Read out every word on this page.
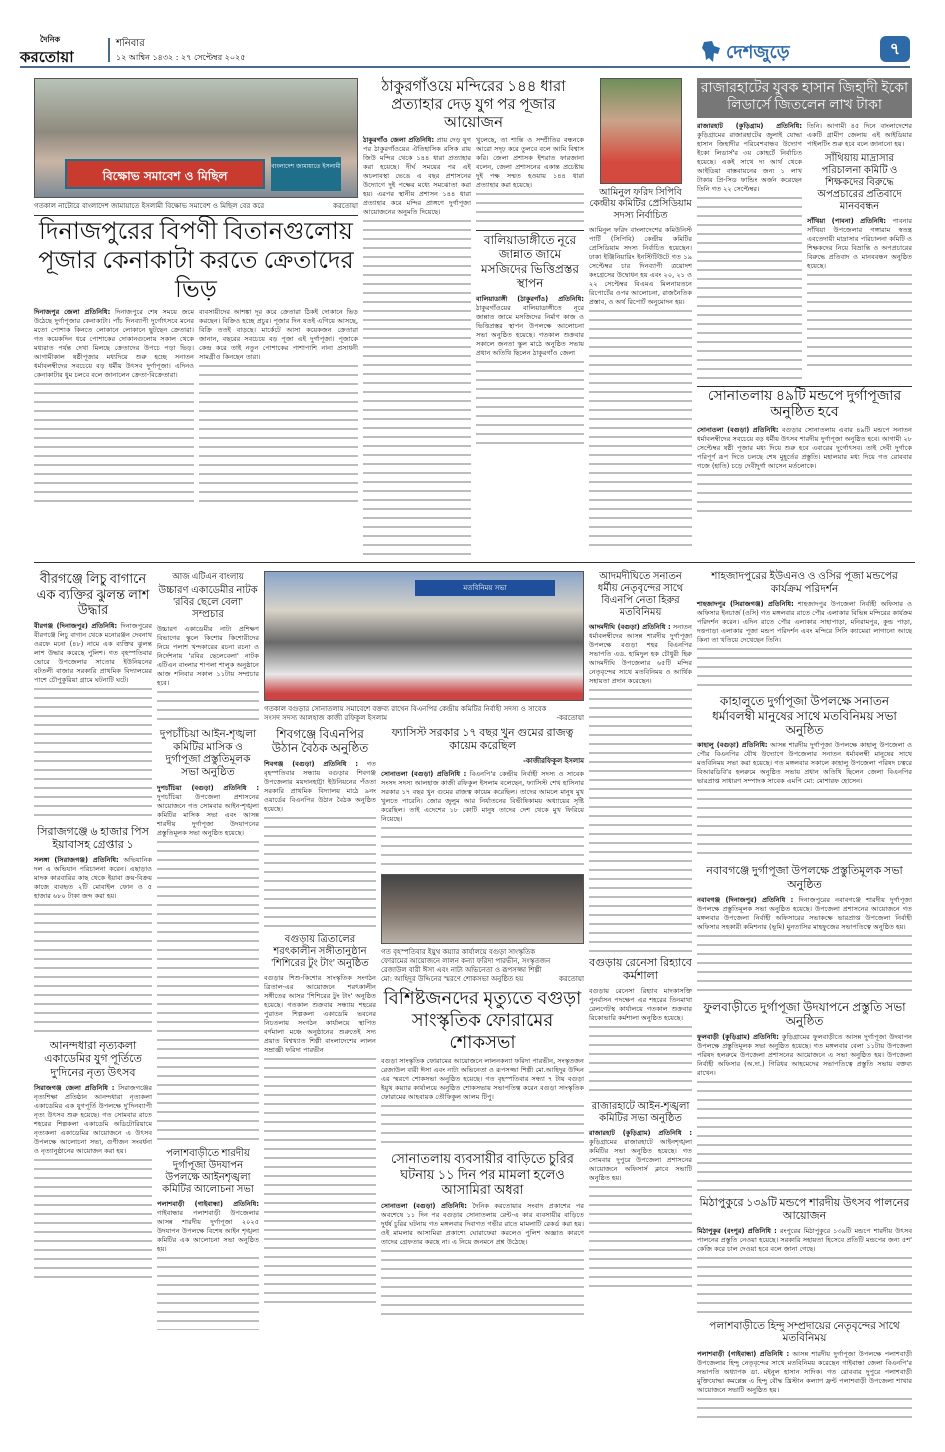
দৈনিক
করতোয়া
শনিবার
১২ আশ্বিন ১৪৩২ : ২৭ সেপ্টেম্বর ২০২৫	দেশজুড়ে	৭
বিক্ষোভ সমাবেশ ও মিছিল
বাংলাদেশ জামায়াতে ইসলামী
গতকাল নাটোরে বাংলাদেশ জামায়াতে ইসলামী বিক্ষোভ সমাবেশ ও মিছিল বের করে	করতোয়া
দিনাজপুরের বিপণী বিতানগুলোয় পূজার কেনাকাটা করতে ক্রেতাদের ভিড়

দিনাজপুর জেলা প্রতিনিধি: দিনাজপুরে শেষ সময়ে জমে উঠেছে দুর্গাপূজার কেনাকাটা। পাঁচ দিনব্যাপী দুর্গোৎসবে মনের মতো পোশাক কিনতে লোকানে লোকানে ছুটছেন ক্রেতারা। গত কয়েকদিন ধরে পোশাকের দোকানগুলোয় সকাল থেকে মধ্যরাত পর্যন্ত দেখা মিলছে ক্রেতাদের উপচে পড়া ভিড়। আগামীকাল ষষ্ঠীপূজার মধ্যদিয়ে শুরু হচ্ছে সনাতন ধর্মাবলম্বীদের সবচেয়ে বড় ধর্মীয় উৎসব দুর্গাপূজা। এদিনও কেনাকাটার ধুম চলবে বলে জানালেন ক্রেতা-বিক্রেতারা।

ব্যবসায়ীদের আশঙ্কা দূর করে ক্রেতারা ঠিকই দোকানে ভিড় করছেন। বিক্রিও হচ্ছে প্রচুর। পূজার দিন যতই এগিয়ে আসছে, বিক্রি ততই বাড়ছে। মার্কেটে আসা কয়েকজন ক্রেতারা জানান, বছরের সবচেয়ে বড় পূজা এই দুর্গাপূজা। পূজাকে কেন্দ্র করে তাই নতুন পোশাকের পাশাপাশি নানা প্রসাধনী সামগ্রীও কিনছেন তারা।

ঠাকুরগাঁওয়ে মন্দিরের ১৪৪ ধারা প্রত্যাহার দেড় যুগ পর পূজার আয়োজন

ঠাকুরগাঁও জেলা প্রতিনিধি: প্রায় দেড় যুগ পর ঠাকুরগাঁওয়ের ঐতিহাসিক রসিক রায় জিউ মন্দির থেকে ১৪৪ ধারা প্রত্যাহার করা হয়েছে। দীর্ঘ সময়ের পর এই অচলাবস্থা ভেঙে এ বছর প্রশাসনের উদ্যোগে দুই পক্ষের মধ্যে সমঝোতা করা হয়। এরপর স্থানীয় প্রশাসন ১৪৪ ধারা প্রত্যাহার করে মন্দির প্রাঙ্গণে দুর্গাপূজা আয়োজনের অনুমতি দিয়েছে।

খুলেছে, তা শান্তি ও সম্প্রীতির বন্ধনকে আরো সদৃঢ় করে তুলবে বলে আমি বিশ্বাস করি। জেলা প্রশাসক ইশরাত ফারজানা বলেন, জেলা প্রশাসনের একান্ত প্রচেষ্টায় দুই পক্ষ সম্মত হওয়ায় ১৪৪ ধারা প্রত্যাহার করা হয়েছে।

বালিয়াডাঙ্গীতে নূরে জান্নাত জামে মসজিদের ভিত্তিপ্রস্তর স্থাপন

বালিয়াডাঙ্গী (ঠাকুরগাঁও) প্রতিনিধি: ঠাকুরগাঁওয়ের বালিয়াডাঙ্গীতে নূরে জান্নাত জামে মসজিদের নির্মাণ কাজ ও ভিত্তিপ্রস্তর স্থাপন উপলক্ষে আলোচনা সভা অনুষ্ঠিত হয়েছে। গতকাল শুক্রবার সকালে জনতা স্কুল মাঠে অনুষ্ঠিত সভায় প্রধান অতিথি ছিলেন ঠাকুরগাঁও জেলা

আমিনুল ফরিদ সিপিবি কেন্দ্রীয় কমিটির প্রেসিডিয়াম সদস্য নির্বাচিত

আমিনুল ফরিদ বাংলাদেশের কমিউনিস্ট পার্টি (সিপিবি) কেন্দ্রীয় কমিটির প্রেসিডিয়াম সদস্য নির্বাচিত হয়েছেন। ঢাকা ইঞ্জিনিয়ারিং ইনস্টিটিউটে গত ১৯ সেপ্টেম্বর চার দিনব্যাপী ত্রয়োদশ কংগ্রেসের উদ্বোধন হয় এবং ২০, ২১ ও ২২ সেপ্টেম্বর বিএমএ মিলনায়তনে রিপোর্টের ওপর আলোচনা, রাজনৈতিক প্রস্তাব, ও অর্থ রিপোর্ট অনুমোদন হয়।

রাজারহাটের যুবক হাসান জিহাদী ইকো লিডার্সে জিতলেন লাখ টাকা

রাজারহাট (কুড়িগ্রাম) প্রতিনিধি: কুড়িগ্রামের রাজারহাটের জুলাই যোদ্ধা হাসান জিহাদীর পরিবেশবান্ধব উদ্যোগ ইকো লিডার্স'র ৩য় কোহর্টে নির্বাচিত হয়েছে। একই সাথে দ্য আর্থ থেকে আইডিয়া বাস্তবায়নের জন্য ১ লাখ টাকার প্রি-সিড ফান্ডিং অর্জন করেছেন তিনি গত ২২ সেপ্টেম্বর।

তিনি। আগামী ৪৫ দিনে বাংলাদেশের একটি গ্রামীণ জেলায় এই আইডিয়ার পাইলটিং শুরু হবে বলে জানানো হয়।

সাঁথিয়ায় মাদ্রাসার পরিচালনা কমিটি ও শিক্ষকদের বিরুদ্ধে অপপ্রচারের প্রতিবাদে মানববন্ধন

সাঁথিয়া (পাবনা) প্রতিনিধি: পাবনার সাঁথিয়া উপজেলার গঙ্গারাম স্বতন্ত্র এবতেদায়ী মাদ্রাসার পরিচালনা কমিটি ও শিক্ষকদের নিয়ে বিভ্রান্তি ও অপপ্রচারের বিরুদ্ধে প্রতিবাদ ও মানববন্ধন অনুষ্ঠিত হয়েছে।

সোনাতলায় ৪৯টি মন্ডপে দুর্গাপূজার অনুষ্ঠিত হবে

সোনাতলা (বগুড়া) প্রতিনিধি: বগুড়ার সোনাতলায় এবার ৪৯টি মন্ডপে সনাতন ধর্মাবলম্বীদের সবচেয়ে বড় ধর্মীয় উৎসব শারদীয় দুর্গাপূজা অনুষ্ঠিত হবে। আগামী ২৮ সেপ্টেম্বর ষষ্ঠী পূজার মধ্য দিয়ে শুরু হবে এবারের দুর্গোৎসব। তাই দেবী দুর্গাকে পরিপূর্ণ রূপ দিতে চলছে শেষ মুহূর্তের প্রস্তুতি। মহালয়ার মধ্য দিয়ে গত রোববার গজে (হাতি) চড়ে দেবীদুর্গা আসেন মর্তলোকে।

বীরগঞ্জে লিচু বাগানে এক ব্যক্তির ঝুলন্ত লাশ উদ্ধার

বীরগঞ্জ (দিনাজপুর) প্রতিনিধি: দিনাজপুরের বীরগঞ্জে লিচু বাগান থেকে মনোরঞ্জন দেবনাথ ওরফে মনো (৪৮) নামে এক ব্যক্তির ঝুলন্ত লাশ উদ্ধার করেছে পুলিশ। গত বৃহস্পতিবার ভোরে উপজেলার সাতোর ইউনিয়নের বটতলী বাজার সরকারি প্রাথমিক বিদ্যালয়ের পাশে চৌপুকুরিয়া গ্রামে ঘটনাটি ঘটে।

সিরাজগঞ্জে ৬ হাজার পিস ইয়াবাসহ গ্রেপ্তার ১

সলঙ্গা (সিরাজগঞ্জ) প্রতিনিধি: অভিযানিক দল এ অভিযান পরিচালনা করেন। এছাড়াও মাদক কারবারির কাছ থেকে ইয়াবা ক্রয়-বিক্রয় কাজে ব্যবহৃত ২টি মোবাইল ফোন ও ৫ হাজার ৬৮০ টাকা জব্দ করা হয়।

আনন্দধারা নৃত্যকলা একাডেমির যুগ পূর্তিতে দু'দিনের নৃত্য উৎসব

সিরাজগঞ্জ জেলা প্রতিনিধি : সিরাজগঞ্জের নৃত্যশিক্ষা প্রতিষ্ঠান আনন্দধারা নৃত্যকলা একাডেমির এক যুগপূর্তি উপলক্ষে দু'দিনব্যাপী নৃত্য উৎসব শুরু হয়েছে। গত সোমবার রাতে শহরের শিল্পকলা একাডেমি অডিটোরিয়ামে নৃত্যকলা একাডেমির আয়োজনে এ উৎসব উপলক্ষে আলোচনা সভা, গুণীজন সংবর্ধনা ও নৃত্যানুষ্ঠানের আয়োজন করা হয়।

আজ এটিএন বাংলায়
উচ্চারণ একাডেমীর নাটক 'রবির ছেলে বেলা' সম্প্রচার

উচ্চারণ একাডেমীর নাট্য প্রশিক্ষণ বিভাগের স্কুলে কিশোর কিশোরীদের নিয়ে পলাশ খন্দকারের রচনা রচনা ও নির্দেশনায় 'রবির ছেলেবেলা' নাটক এটিএন বাংলার শাপলা শালুক অনুষ্ঠানে আজ শনিবার সকাল ১১টায় সম্প্রচার হবে।

দুপচাঁচিয়া আইন-শৃঙ্খলা কমিটির মাসিক ও দুর্গাপূজা প্রস্তুতিমূলক সভা অনুষ্ঠিত

দুপচাঁচিয়া (বগুড়া) প্রতিনিধি : দুপচাঁচিয়া উপজেলা প্রশাসনের আয়োজনে গত সোমবার আইন-শৃঙ্খলা কমিটির মাসিক সভা এবং আসন্ন শারদীয় দুর্গাপূজা উদযাপনের প্রস্তুতিমূলক সভা অনুষ্ঠিত হয়েছে।

পলাশবাড়ীতে শারদীয় দুর্গাপূজা উদযাপন উপলক্ষে আইনশৃঙ্খলা কমিটির আলোচনা সভা

পলাশবাড়ী (গাইবান্ধা) প্রতিনিধি: গাইবান্ধার পলাশবাড়ী উপজেলার আসন্ন শারদীয় দুর্গাপূজা ২০২৫ উদযাপন উপলক্ষে বিশেষ আইন শৃঙ্খলা কমিটির এক আলোচনা সভা অনুষ্ঠিত হয়।

মতবিনিময় সভা
গতকাল বগুড়ার সোনাতলায় সমাবেশে বক্তব্য রাখেন বিএনপির কেন্দ্রীয় কমিটির নির্বাহী সদস্য ও সাবেক সংসদ সদস্য আলহাজ কাজী রফিকুল ইসলাম	-করতোয়া
শিবগঞ্জে বিএনপির উঠান বৈঠক অনুষ্ঠিত

শিবগঞ্জ (বগুড়া) প্রতিনিধি : গত বৃহস্পতিবার সন্ধ্যায় বগুড়ার শিবগঞ্জ উপজেলার ময়দানহাট্টা ইউনিয়নের পঁওতা সরকারি প্রাথমিক বিদ্যালয় মাঠে ৯নং ওয়ার্ডের বিএনপির উঠান বৈঠক অনুষ্ঠিত হয়েছে।

বগুড়ায় ত্রিতালের শরৎকালীন সঙ্গীতানুষ্ঠান 'শিশিরের টুং টাং' অনুষ্ঠিত

বগুড়ার শিশু-কিশোর সাংস্কৃতিক সংগঠন ত্রিতাল-এর আয়োজনে শরৎকালীন সঙ্গীতের আসর 'শিশিরের টুং টাং' অনুষ্ঠিত হয়েছে। গতকাল শুক্রবার সন্ধ্যায় শহরের পুরাতন শিল্পকলা একাডেমি ভবনের নিচতলায় সংগঠন কার্যালয়ে স্থাপিত বর্ণমালা মঞ্চে অনুষ্ঠানের শুরুতেই সদ্য প্রয়াত বিশ্বখ্যাত শিল্পী বাংলাদেশের লালন সম্রাজ্ঞী ফরিদা পারভীন

ফ্যাসিস্ট সরকার ১৭ বছর খুন গুমের রাজত্ব কায়েম করেছিল
-কাজীরফিকুল ইসলাম

সোনাতলা (বগুড়া) প্রতিনিধি : বিএনপি'র কেন্দ্রীয় নির্বাহী সদস্য ও সাবেক সংসদ সদস্য আলহাজ কাজী রফিকুল ইসলাম বলেছেন, ফ্যাসিস্ট শেখ হাসিনার সরকার ১৭ বছর খুন গুমের রাজত্ব কায়েম করেছিল। তাদের আমলে মানুষ মুখ খুলতে পারেনি। জোর জুলুম আর নির্যাতনের বিভীষিকাময় অধ্যায়ের সৃষ্টি করেছিল। তাই এদেশের ১৮ কোটি মানুষ তাদের দেশ থেকে মুখ ফিরিয়ে নিয়েছে।

গত বৃহস্পতিবার ইয়ুথ কয়্যার কার্যালয়ে বগুড়া সাংস্কৃতিক ফোরামের আয়োজনে লালন কন্যা ফরিদা পারভীন, সংস্কৃতজন রেজাউল বারী ঈসা এবং নাট্য অভিনেতা ও রূপসজ্জা শিল্পী মো: আহিদুর উদ্দিনের স্মরণে শোকসভা অনুষ্ঠিত হয়	করতোয়া
বিশিষ্টজনদের মৃত্যুতে বগুড়া সাংস্কৃতিক ফোরামের শোকসভা

বগুড়া সাংস্কৃতিক ফোরামের আয়োজনে লালনকন্যা ফরিদা পারভীন, সংস্কৃতজন রেজাউল বারী ঈসা এবং নাট্য অভিনেতা ও রূপসজ্জা শিল্পী মো.আহিদুর উদ্দিন এর স্মরণে শোকসভা অনুষ্ঠিত হয়েছে। গত বৃহস্পতিবার সন্ধ্যা ৭ টায় বগুড়া ইয়ুথ কয়্যার কার্যালয়ে অনুষ্ঠিত শোকসভায় সভাপতিত্ব করেন বগুড়া সাংস্কৃতিক ফোরামের আহবায়ক তৌফিকুল আলম টিপু।

সোনাতলায় ব্যবসায়ীর বাড়িতে চুরির ঘটনায় ১১ দিন পর মামলা হলেও আসামিরা অধরা

সোনাতলা (বগুড়া) প্রতিনিধি: দৈনিক করতোয়ার সংবাদ প্রকাশের পর অবশেষে ১১ দিন পর বগুড়ার সোনাতলায় রেন্ট-এ কার ব্যবসায়ীর বাড়িতে দুর্ধর্ষ চুরির ঘটনায় গত মঙ্গলবার দিবাগত গভীর রাতে মামলাটি রেকর্ড করা হয়। ওই মামলার আসামিরা প্রকাশ্যে ঘোরাফেরা করলেও পুলিশ অজ্ঞাত কারণে তাদের গ্রেফতার করছে না। এ নিয়ে জনমনে প্রশ্ন উঠেছে।

আদমদীঘিতে সনাতন ধর্মীয় নেতৃবৃন্দের সাথে বিএনপি নেতা হিরুর মতবিনিময়

আদমদীঘি (বগুড়া) প্রতিনিধি : সনাতন ধর্মাবলম্বীদের আসন্ন শারদীয় দুর্গাপূজা উপলক্ষে বগুড়া শহর বিএনপির সভাপতি এড. হামিদুল হক চৌধুরী হিরু আদমদীঘি উপজেলার ৬৫টি মন্দির নেতৃবৃন্দের সাথে মতবিনিময় ও আর্থিক সহায়তা প্রদান করেছেন।

বগুড়ায় রেনেসা রিহ্যাবে কর্মশালা

বগুড়ায় রেনেসা রিহ্যাব মাদকাসক্তি পুনর্বাসন পদক্ষেপ এর শহরের তিনমাথা রেলগেটস্থ কার্যালয়ে গতকাল শুক্রবার রিকোভারি কর্মশালা অনুষ্ঠিত হয়েছে।

রাজারহাটে আইন-শৃঙ্খলা কমিটির সভা অনুষ্ঠিত

রাজারহাট (কুড়িগ্রাম) প্রতিনিধি : কুড়িগ্রামের রাজারহাটে আইনশৃঙ্খলা কমিটির সভা অনুষ্ঠিত হয়েছে। গত সোমবার দুপুরে উপজেলা প্রশাসনের আয়োজনে অফিসার্স ক্লাবে সভাটি অনুষ্ঠিত হয়।

শাহজাদপুরের ইউএনও ও ওসির পূজা মন্ডপের কার্যক্রম পরিদর্শন

শাহজাদপুর (সিরাজগঞ্জ) প্রতিনিধি: শাহজাদপুর উপজেলা নির্বাহী অফিসার ও অফিসার ইনচার্জ (ওসি) গত মঙ্গলবার রাতে পৌর এলাকার বিভিন্ন মন্দিরের কার্যক্রম পরিদর্শন করেন। এদিন রাতে পৌর এলাকার সাহাপাড়া, মনিরামপুর, কুন্ড পাড়া, দত্তপাড়া এলাকার পূজা মন্ডপ পরিদর্শন এবং মন্দিরে সিসি ক্যামেরা লাগানো আছে কিনা তা খতিয়ে দেখেছেন তিনি।

কাহালুতে দুর্গাপূজা উপলক্ষে সনাতন ধর্মাবলম্বী মানুষের সাথে মতবিনিময় সভা অনুষ্ঠিত

কাহালু (বগুড়া) প্রতিনিধি: আসন্ন শারদীয় দুর্গাপূজা উপলক্ষে কাহালু উপজেলা ও পৌর বিএনপির যৌথ উদ্যোগে উপজেলার সনাতন ধর্মাবলম্বী মানুষের সাথে মতবিনিময় সভা করা হয়েছে। গত মঙ্গলবার সকালে কাহালু উপজেলা পরিষদ চত্বরে বিআরডিবি'র হলরুমে অনুষ্ঠিত সভায় প্রধান অতিথি ছিলেন জেলা বিএনপির ভারপ্রাপ্ত সাধারণ সম্পাদক সাবেক এমপি মো: মোশারফ হোসেন।

নবাবগঞ্জে দুর্গাপূজা উপলক্ষে প্রস্তুতিমূলক সভা অনুষ্ঠিত

নবাবগঞ্জ (দিনাজপুর) প্রতিনিধি : দিনাজপুরের নবাবগঞ্জে শারদীয় দুর্গাপূজা উপলক্ষে প্রস্তুতিমূলক সভা অনুষ্ঠিত হয়েছে। উপজেলা প্রশাসনের আয়োজনে গত মঙ্গলবার উপজেলা নির্বাহী অফিসারের সভাকক্ষে ভারপ্রাপ্ত উপজেলা নির্বাহী অফিসার সহকারী কমিশনার (ভূমি) মুনতাসির মাহফুজের সভাপতিত্বে অনুষ্ঠিত হয়।

ফুলবাড়ীতে দুর্গাপূজা উদযাপনে প্রস্তুতি সভা অনুষ্ঠিত

ফুলবাড়ী (কুড়িগ্রাম) প্রতিনিধি: কুড়িগ্রামের ফুলবাড়ীতে আসন্ন দুর্গাপূজা উদযাপন উপলক্ষে প্রস্তুতিমূলক সভা অনুষ্ঠিত হয়েছে। গত মঙ্গলবার বেলা ১১টায় উপজেলা পরিষদ হলরুমে উপজেলা প্রশাসনের আয়োজনে এ সভা অনুষ্ঠিত হয়। উপজেলা নির্বাহী অফিসার (অ.দা.) গিরিধর আহমেদের সভাপতিত্বে প্রস্তুতি সভায় বক্তব্য রাখেন।

মিঠাপুকুরে ১৩৯টি মন্ডপে শারদীয় উৎসব পালনের আয়োজন

মিঠাপুকুর (রংপুর) প্রতিনিধি : রংপুরের মিঠাপুকুরে ১৩৯টি মন্ডপে শারদীয় উৎসব পালনের প্রস্তুতি নেওয়া হয়েছে। সরকারি সহায়তা হিসেবে প্রতিটি মন্ডপের জন্য ৫শ' কেজি করে চাল দেওয়া হবে বলে জানা গেছে।

পলাশবাড়ীতে হিন্দু সম্প্রদায়ের নেতৃবৃন্দের সাথে মতবিনিময়

পলাশবাড়ী (গাইবান্ধা) প্রতিনিধি : আসন্ন শারদীয় দুর্গাপূজা উপলক্ষে পলাশবাড়ী উপজেলার হিন্দু নেতৃবৃন্দের সাথে মতবিনিময় করেছেন গাইবান্ধা জেলা বিএনপি'র সভাপতি অধ্যাপক ডা. মইনুল হাসান সাদিক। গত রোববার দুপুরে পলাশবাড়ী মুক্তিযোদ্ধা কমপ্লেক্স এ হিন্দু বৌদ্ধ খ্রিস্টান কল্যাণ ফ্রন্ট পলাশবাড়ী উপজেলা শাখার আয়োজনে সভাটি অনুষ্ঠিত হয়।
